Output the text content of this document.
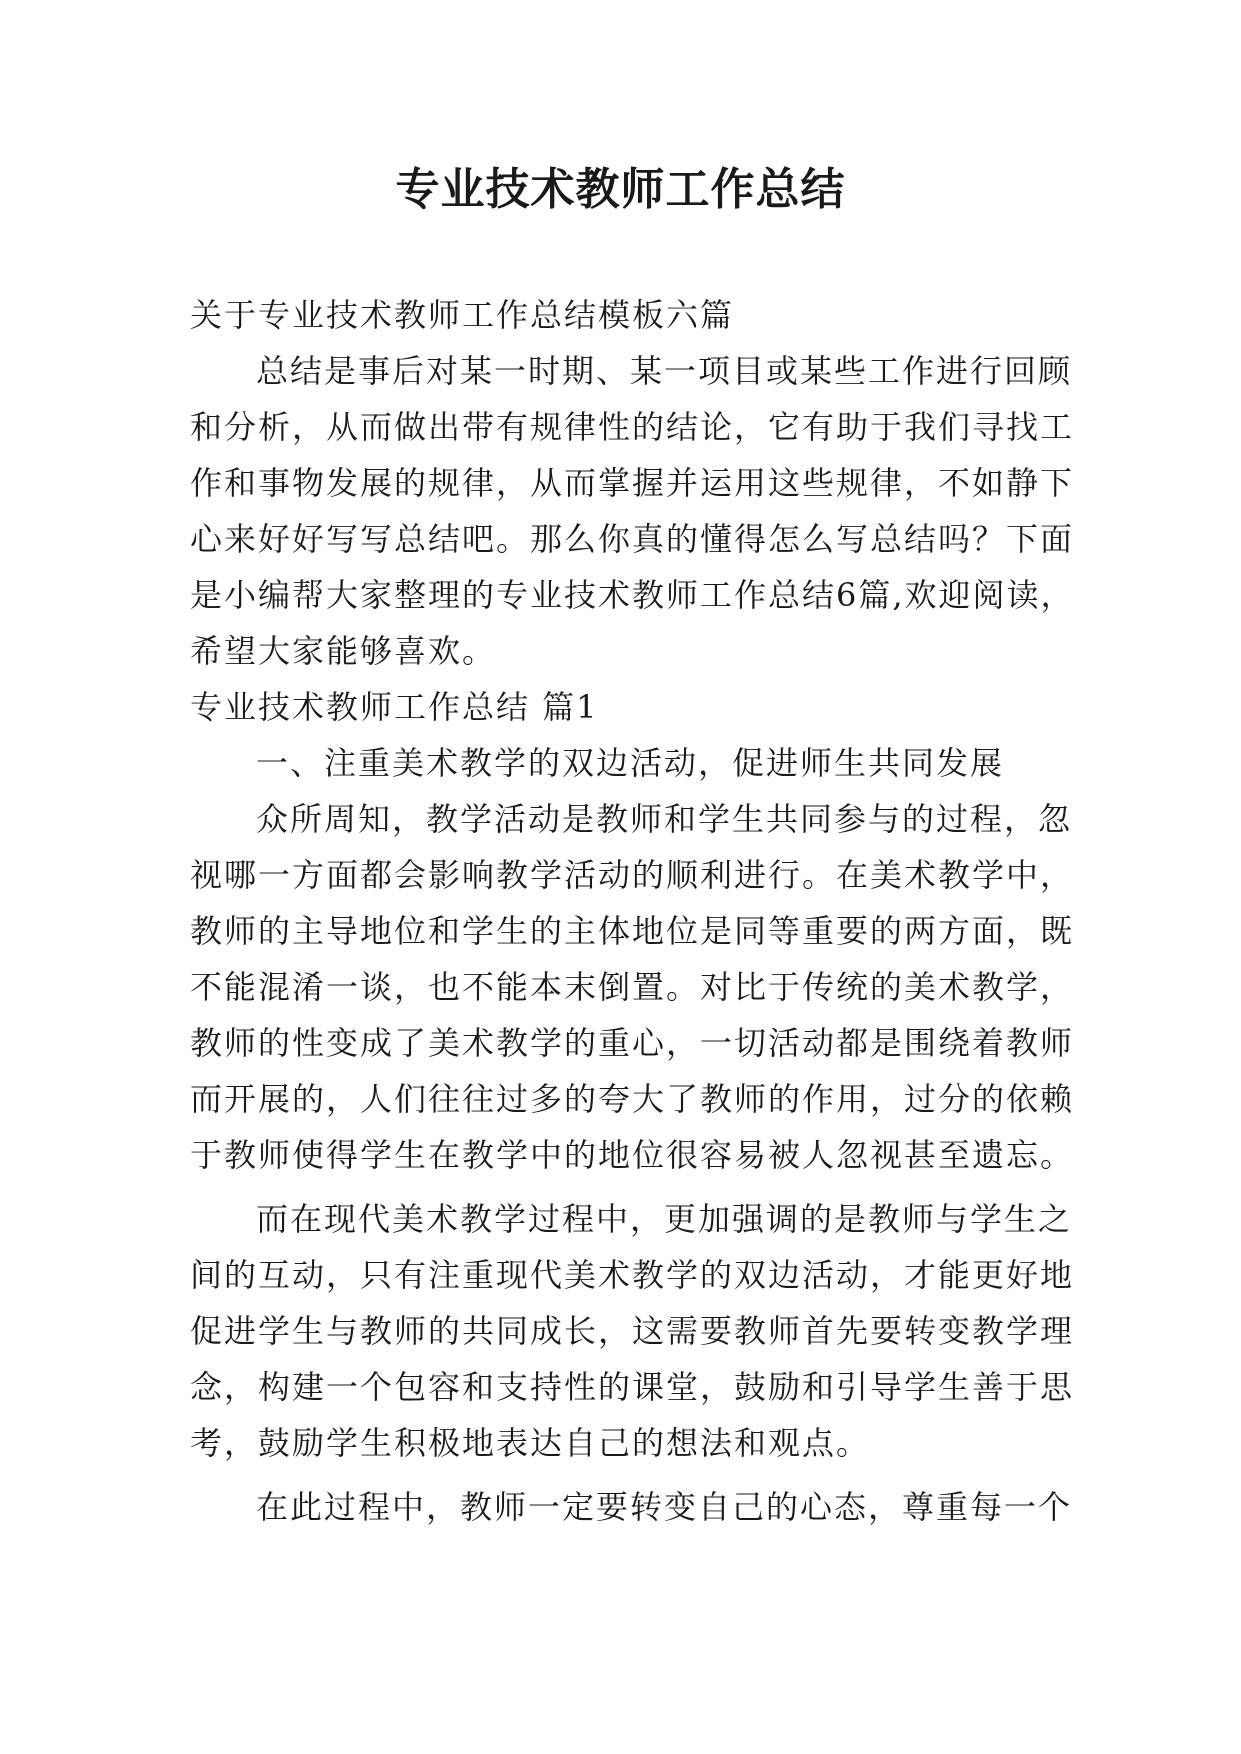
专业技术教师工作总结

关于专业技术教师工作总结模板六篇

总结是事后对某一时期、某一项目或某些工作进行回顾

和分析，从而做出带有规律性的结论，它有助于我们寻找工

作和事物发展的规律，从而掌握并运用这些规律，不如静下

心来好好写写总结吧。那么你真的懂得怎么写总结吗？下面

是小编帮大家整理的专业技术教师工作总结6篇,欢迎阅读，

希望大家能够喜欢。

专业技术教师工作总结 篇1

一、注重美术教学的双边活动，促进师生共同发展

众所周知，教学活动是教师和学生共同参与的过程，忽

视哪一方面都会影响教学活动的顺利进行。在美术教学中，

教师的主导地位和学生的主体地位是同等重要的两方面，既

不能混淆一谈，也不能本末倒置。对比于传统的美术教学，

教师的性变成了美术教学的重心，一切活动都是围绕着教师

而开展的，人们往往过多的夸大了教师的作用，过分的依赖

于教师使得学生在教学中的地位很容易被人忽视甚至遗忘。

而在现代美术教学过程中，更加强调的是教师与学生之

间的互动，只有注重现代美术教学的双边活动，才能更好地

促进学生与教师的共同成长，这需要教师首先要转变教学理

念，构建一个包容和支持性的课堂，鼓励和引导学生善于思

考，鼓励学生积极地表达自己的想法和观点。

在此过程中，教师一定要转变自己的心态，尊重每一个
